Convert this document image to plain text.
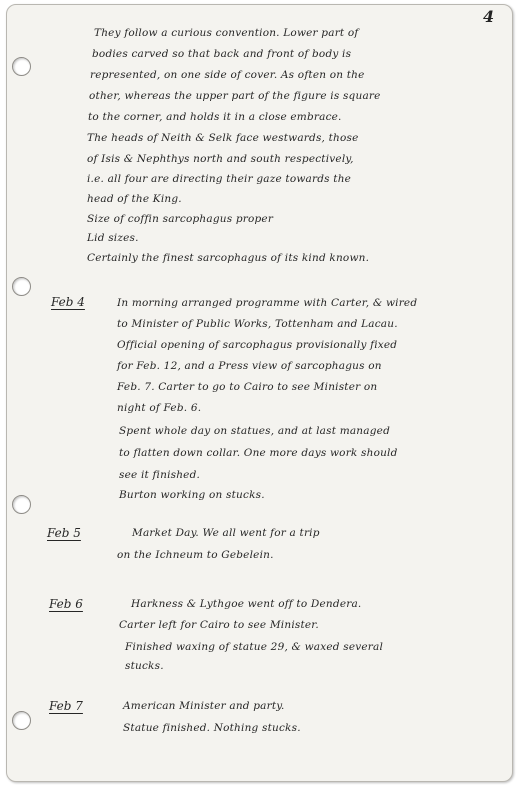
4
They follow a curious convention. Lower part of
bodies carved so that back and front of body is
represented, on one side of cover. As often on the
other, whereas the upper part of the figure is square
to the corner, and holds it in a close embrace.
The heads of Neith & Selk face westwards, those
of Isis & Nephthys north and south respectively,
i.e. all four are directing their gaze towards the
head of the King.
Size of coffin sarcophagus proper
Lid sizes.
Certainly the finest sarcophagus of its kind known.
Feb 4	In morning arranged programme with Carter, & wired
to Minister of Public Works, Tottenham and Lacau.
Official opening of sarcophagus provisionally fixed
for Feb. 12, and a Press view of sarcophagus on
Feb. 7. Carter to go to Cairo to see Minister on
night of Feb. 6.
Spent whole day on statues, and at last managed
to flatten down collar. One more days work should
see it finished.
Burton working on stucks.
Feb 5	Market Day. We all went for a trip
on the Ichneum to Gebelein.
Feb 6	Harkness & Lythgoe went off to Dendera.
Carter left for Cairo to see Minister.
Finished waxing of statue 29, & waxed several
stucks.
Feb 7	American Minister and party.
Statue finished. Nothing stucks.
